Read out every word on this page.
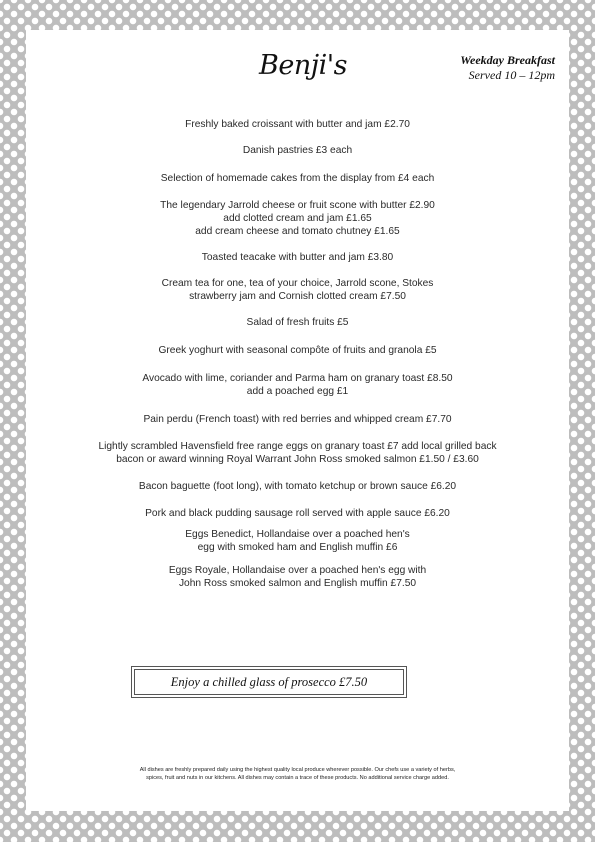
Benji's	Weekday Breakfast
Served 10 – 12pm
Freshly baked croissant with butter and jam £2.70
Danish pastries £3 each
Selection of homemade cakes from the display from £4 each
The legendary Jarrold cheese or fruit scone with butter £2.90
add clotted cream and jam £1.65
add cream cheese and tomato chutney £1.65
Toasted teacake with butter and jam £3.80
Cream tea for one, tea of your choice, Jarrold scone, Stokes
strawberry jam and Cornish clotted cream £7.50
Salad of fresh fruits £5
Greek yoghurt with seasonal compôte of fruits and granola £5
Avocado with lime, coriander and Parma ham on granary toast £8.50
add a poached egg £1
Pain perdu (French toast) with red berries and whipped cream £7.70
Lightly scrambled Havensfield free range eggs on granary toast £7 add local grilled back
bacon or award winning Royal Warrant John Ross smoked salmon £1.50 / £3.60
Bacon baguette (foot long), with tomato ketchup or brown sauce £6.20
Pork and black pudding sausage roll served with apple sauce £6.20
Eggs Benedict, Hollandaise over a poached hen's
egg with smoked ham and English muffin £6
Eggs Royale, Hollandaise over a poached hen's egg with
John Ross smoked salmon and English muffin £7.50
Enjoy a chilled glass of prosecco £7.50
All dishes are freshly prepared daily using the highest quality local produce wherever possible. Our chefs use a variety of herbs,
spices, fruit and nuts in our kitchens. All dishes may contain a trace of these products. No additional service charge added.
